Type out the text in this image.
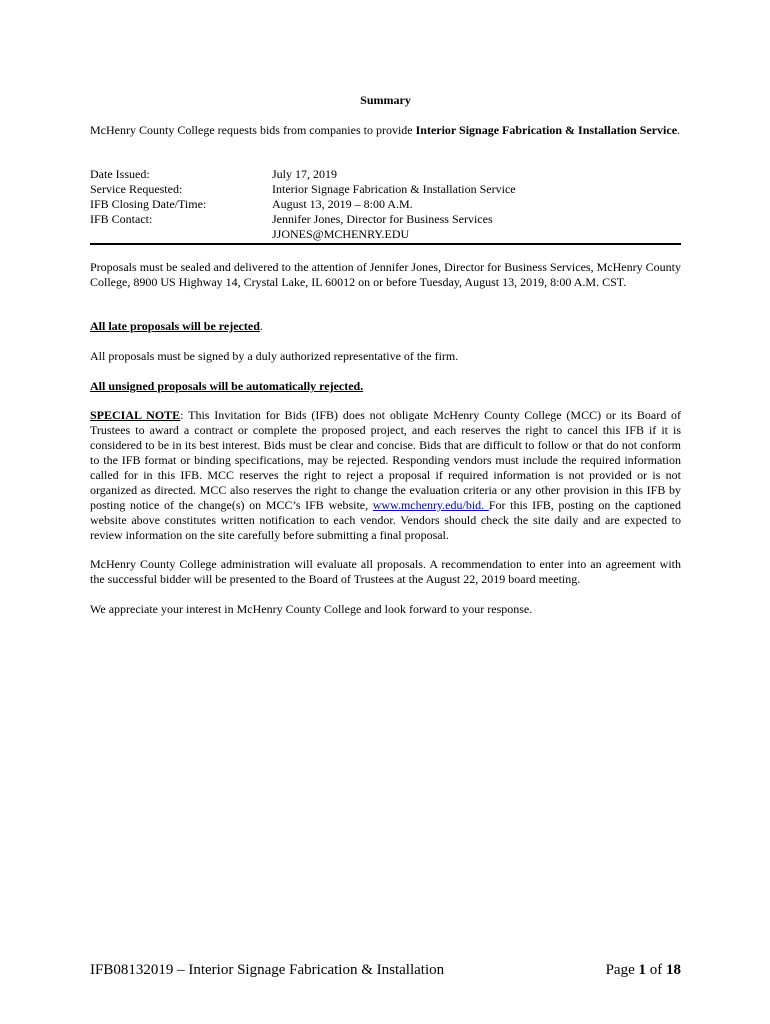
Summary
McHenry County College requests bids from companies to provide Interior Signage Fabrication & Installation Service.
Date Issued:	July 17, 2019
Service Requested:	Interior Signage Fabrication & Installation Service
IFB Closing Date/Time:	August 13, 2019 – 8:00 A.M.
IFB Contact:	Jennifer Jones, Director for Business Services
JJONES@MCHENRY.EDU
Proposals must be sealed and delivered to the attention of Jennifer Jones, Director for Business Services, McHenry County College, 8900 US Highway 14, Crystal Lake, IL 60012 on or before Tuesday, August 13, 2019, 8:00 A.M. CST.
All late proposals will be rejected.
All proposals must be signed by a duly authorized representative of the firm.
All unsigned proposals will be automatically rejected.
SPECIAL NOTE: This Invitation for Bids (IFB) does not obligate McHenry County College (MCC) or its Board of Trustees to award a contract or complete the proposed project, and each reserves the right to cancel this IFB if it is considered to be in its best interest. Bids must be clear and concise. Bids that are difficult to follow or that do not conform to the IFB format or binding specifications, may be rejected. Responding vendors must include the required information called for in this IFB. MCC reserves the right to reject a proposal if required information is not provided or is not organized as directed. MCC also reserves the right to change the evaluation criteria or any other provision in this IFB by posting notice of the change(s) on MCC’s IFB website, www.mchenry.edu/bid. For this IFB, posting on the captioned website above constitutes written notification to each vendor. Vendors should check the site daily and are expected to review information on the site carefully before submitting a final proposal.
McHenry County College administration will evaluate all proposals. A recommendation to enter into an agreement with the successful bidder will be presented to the Board of Trustees at the August 22, 2019 board meeting.
We appreciate your interest in McHenry County College and look forward to your response.
IFB08132019 – Interior Signage Fabrication & Installation	Page 1 of 18
